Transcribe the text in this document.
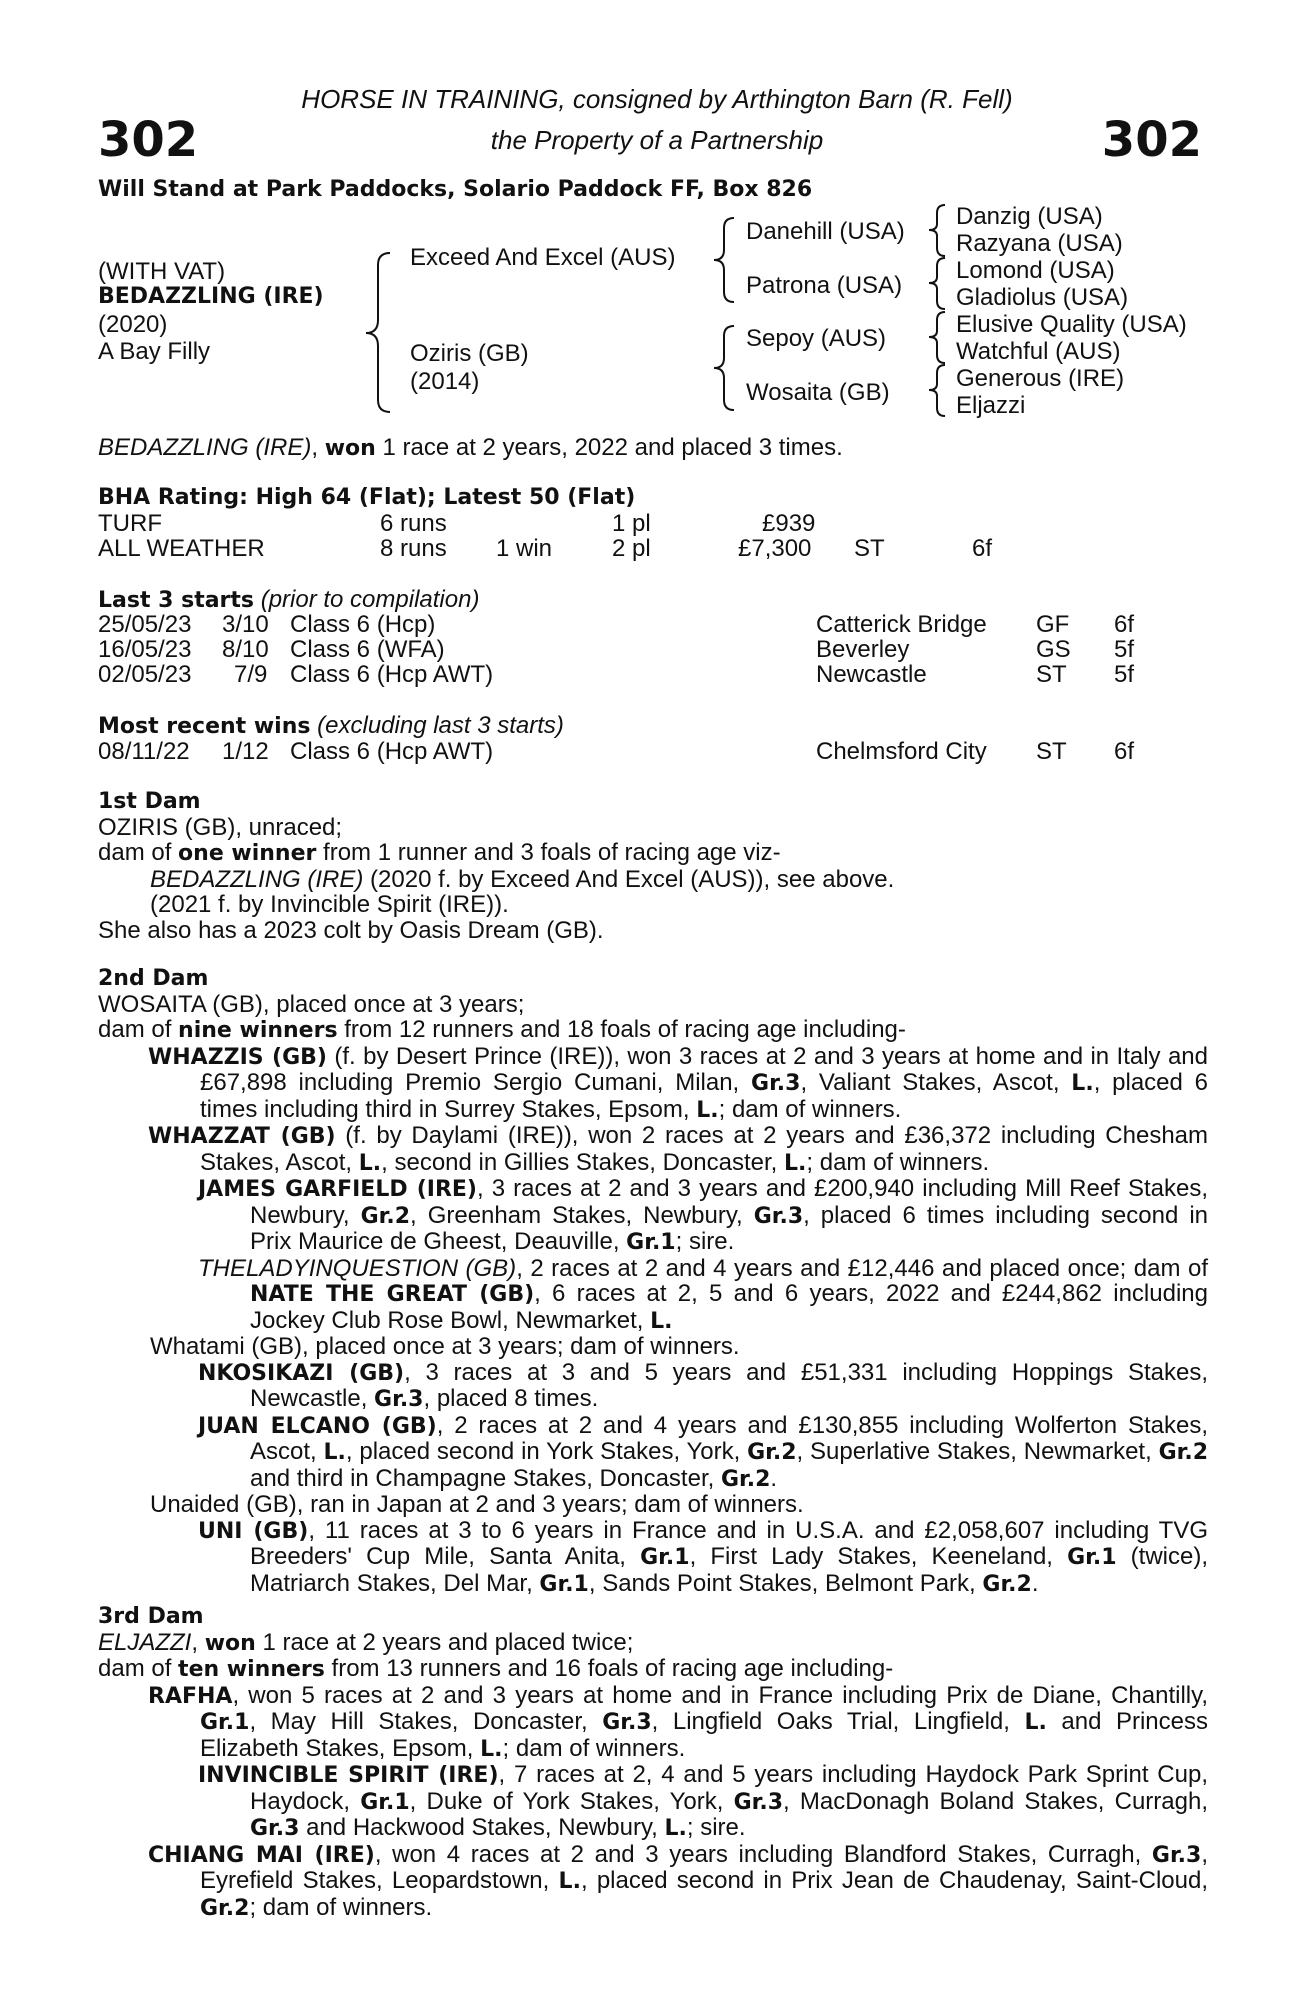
302	302
HORSE IN TRAINING, consigned by Arthington Barn (R. Fell)
the Property of a Partnership
Will Stand at Park Paddocks, Solario Paddock FF, Box 826
(WITH VAT)
BEDAZZLING (IRE)
(2020)
A Bay Filly
Exceed And Excel (AUS)
Oziris (GB)
(2014)
Danehill (USA)
Patrona (USA)
Sepoy (AUS)
Wosaita (GB)
Danzig (USA)
Razyana (USA)
Lomond (USA)
Gladiolus (USA)
Elusive Quality (USA)
Watchful (AUS)
Generous (IRE)
Eljazzi
BEDAZZLING (IRE), won 1 race at 2 years, 2022 and placed 3 times.
BHA Rating: High 64 (Flat); Latest 50 (Flat)
TURF	6 runs	1 pl	£939
ALL WEATHER	8 runs 1 win 2 pl	£7,300 ST	6f
Last 3 starts (prior to compilation)
25/05/23 3/10 Class 6 (Hcp)	Catterick Bridge GF 6f
16/05/23 8/10 Class 6 (WFA)	Beverley	GS 5f
02/05/23 7/9 Class 6 (Hcp AWT)	Newcastle	ST 5f
Most recent wins (excluding last 3 starts)
08/11/22 1/12 Class 6 (Hcp AWT)	Chelmsford City ST 6f

1st Dam

OZIRIS (GB), unraced;

dam of one winner from 1 runner and 3 foals of racing age viz-

BEDAZZLING (IRE) (2020 f. by Exceed And Excel (AUS)), see above.

(2021 f. by Invincible Spirit (IRE)).

She also has a 2023 colt by Oasis Dream (GB).

2nd Dam

WOSAITA (GB), placed once at 3 years;

dam of nine winners from 12 runners and 18 foals of racing age including-

WHAZZIS (GB) (f. by Desert Prince (IRE)), won 3 races at 2 and 3 years at home and in Italy and £67,898 including Premio Sergio Cumani, Milan, Gr.3, Valiant Stakes, Ascot, L., placed 6 times including third in Surrey Stakes, Epsom, L.; dam of winners.

WHAZZAT (GB) (f. by Daylami (IRE)), won 2 races at 2 years and £36,372 including Chesham Stakes, Ascot, L., second in Gillies Stakes, Doncaster, L.; dam of winners.

JAMES GARFIELD (IRE), 3 races at 2 and 3 years and £200,940 including Mill Reef Stakes, Newbury, Gr.2, Greenham Stakes, Newbury, Gr.3, placed 6 times including second in Prix Maurice de Gheest, Deauville, Gr.1; sire.

THELADYINQUESTION (GB), 2 races at 2 and 4 years and £12,446 and placed once; dam of NATE THE GREAT (GB), 6 races at 2, 5 and 6 years, 2022 and £244,862 including Jockey Club Rose Bowl, Newmarket, L.

Whatami (GB), placed once at 3 years; dam of winners.

NKOSIKAZI (GB), 3 races at 3 and 5 years and £51,331 including Hoppings Stakes, Newcastle, Gr.3, placed 8 times.

JUAN ELCANO (GB), 2 races at 2 and 4 years and £130,855 including Wolferton Stakes, Ascot, L., placed second in York Stakes, York, Gr.2, Superlative Stakes, Newmarket, Gr.2 and third in Champagne Stakes, Doncaster, Gr.2.

Unaided (GB), ran in Japan at 2 and 3 years; dam of winners.

UNI (GB), 11 races at 3 to 6 years in France and in U.S.A. and £2,058,607 including TVG Breeders' Cup Mile, Santa Anita, Gr.1, First Lady Stakes, Keeneland, Gr.1 (twice), Matriarch Stakes, Del Mar, Gr.1, Sands Point Stakes, Belmont Park, Gr.2.

3rd Dam

ELJAZZI, won 1 race at 2 years and placed twice;

dam of ten winners from 13 runners and 16 foals of racing age including-

RAFHA, won 5 races at 2 and 3 years at home and in France including Prix de Diane, Chantilly, Gr.1, May Hill Stakes, Doncaster, Gr.3, Lingfield Oaks Trial, Lingfield, L. and Princess Elizabeth Stakes, Epsom, L.; dam of winners.

INVINCIBLE SPIRIT (IRE), 7 races at 2, 4 and 5 years including Haydock Park Sprint Cup, Haydock, Gr.1, Duke of York Stakes, York, Gr.3, MacDonagh Boland Stakes, Curragh, Gr.3 and Hackwood Stakes, Newbury, L.; sire.

CHIANG MAI (IRE), won 4 races at 2 and 3 years including Blandford Stakes, Curragh, Gr.3, Eyrefield Stakes, Leopardstown, L., placed second in Prix Jean de Chaudenay, Saint-Cloud, Gr.2; dam of winners.
